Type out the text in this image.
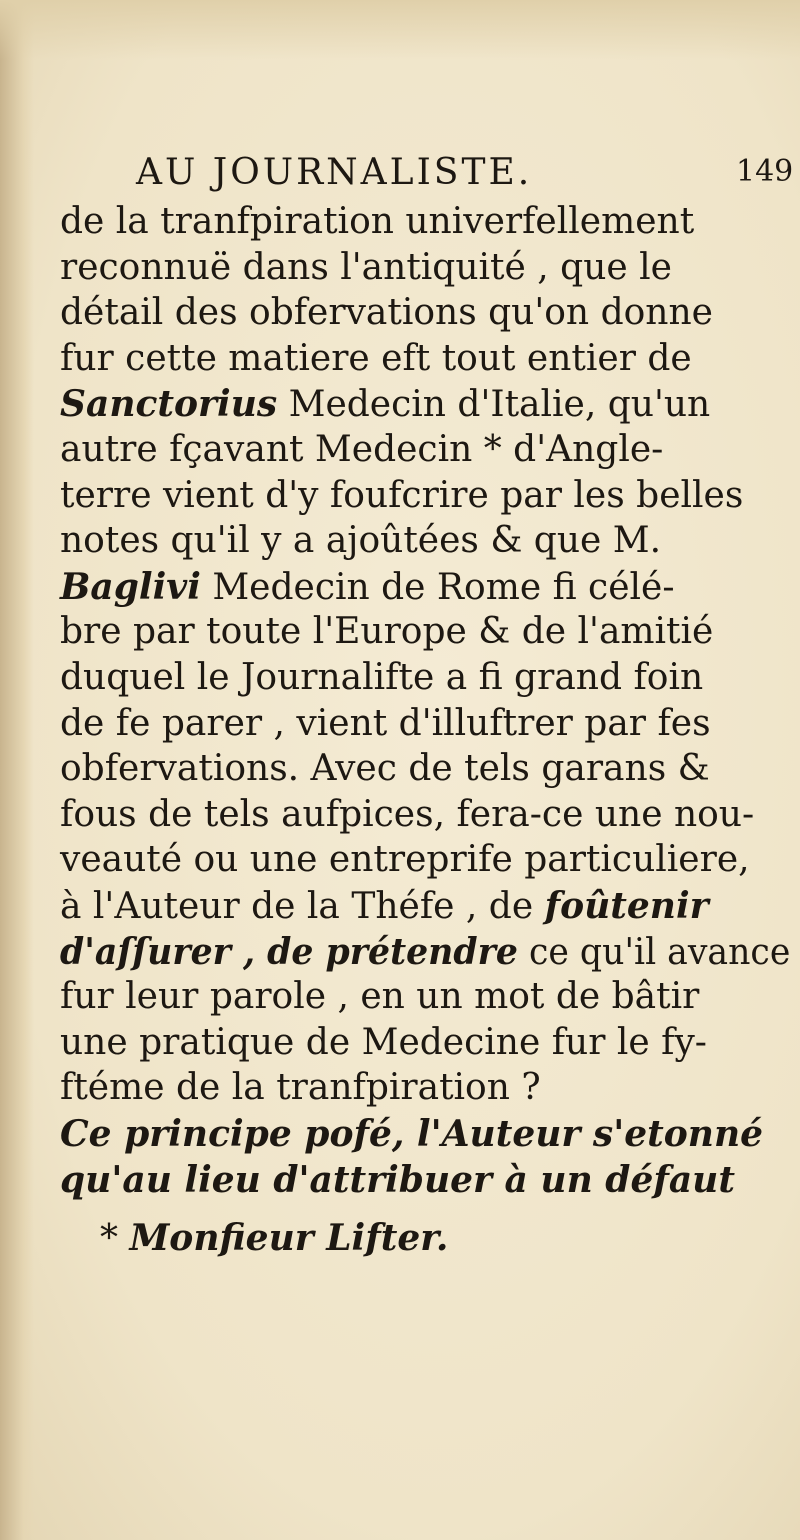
AU JOURNALISTE.	149
de la tranfpiration univerfellement
reconnuë dans l'antiquité , que le
détail des obfervations qu'on donne
fur cette matiere eft tout entier de
Sanctorius Medecin d'Italie, qu'un
autre fçavant Medecin * d'Angle-
terre vient d'y foufcrire par les belles
notes qu'il y a ajoûtées & que M.
Baglivi Medecin de Rome fi célé-
bre par toute l'Europe & de l'amitié
duquel le Journalifte a fi grand foin
de fe parer , vient d'illuftrer par fes
obfervations. Avec de tels garans &
fous de tels aufpices, fera-ce une nou-
veauté ou une entreprife particuliere,
à l'Auteur de la Théfe , de foûtenir
d'aſſurer , de prétendre ce qu'il avance
fur leur parole , en un mot de bâtir
une pratique de Medecine fur le fy-
ftéme de la tranfpiration ?
Ce principe pofé, l'Auteur s'etonné
qu'au lieu d'attribuer à un défaut
* Monfieur Lifter.
